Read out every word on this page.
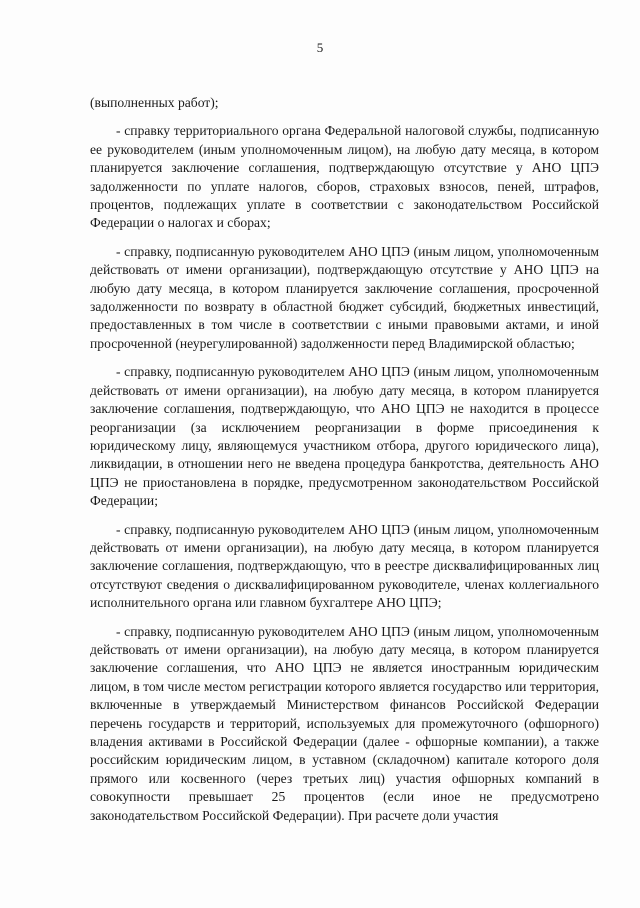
5

(выполненных работ);

- справку территориального органа Федеральной налоговой службы, подписанную ее руководителем (иным уполномоченным лицом), на любую дату месяца, в котором планируется заключение соглашения, подтверждающую отсутствие у АНО ЦПЭ задолженности по уплате налогов, сборов, страховых взносов, пеней, штрафов, процентов, подлежащих уплате в соответствии с законодательством Российской Федерации о налогах и сборах;

- справку, подписанную руководителем АНО ЦПЭ (иным лицом, уполномоченным действовать от имени организации), подтверждающую отсутствие у АНО ЦПЭ на любую дату месяца, в котором планируется заключение соглашения, просроченной задолженности по возврату в областной бюджет субсидий, бюджетных инвестиций, предоставленных в том числе в соответствии с иными правовыми актами, и иной просроченной (неурегулированной) задолженности перед Владимирской областью;

- справку, подписанную руководителем АНО ЦПЭ (иным лицом, уполномоченным действовать от имени организации), на любую дату месяца, в котором планируется заключение соглашения, подтверждающую, что АНО ЦПЭ не находится в процессе реорганизации (за исключением реорганизации в форме присоединения к юридическому лицу, являющемуся участником отбора, другого юридического лица), ликвидации, в отношении него не введена процедура банкротства, деятельность АНО ЦПЭ не приостановлена в порядке, предусмотренном законодательством Российской Федерации;

- справку, подписанную руководителем АНО ЦПЭ (иным лицом, уполномоченным действовать от имени организации), на любую дату месяца, в котором планируется заключение соглашения, подтверждающую, что в реестре дисквалифицированных лиц отсутствуют сведения о дисквалифицированном руководителе, членах коллегиального исполнительного органа или главном бухгалтере АНО ЦПЭ;

- справку, подписанную руководителем АНО ЦПЭ (иным лицом, уполномоченным действовать от имени организации), на любую дату месяца, в котором планируется заключение соглашения, что АНО ЦПЭ не является иностранным юридическим лицом, в том числе местом регистрации которого является государство или территория, включенные в утверждаемый Министерством финансов Российской Федерации перечень государств и территорий, используемых для промежуточного (офшорного) владения активами в Российской Федерации (далее - офшорные компании), а также российским юридическим лицом, в уставном (складочном) капитале которого доля прямого или косвенного (через третьих лиц) участия офшорных компаний в совокупности превышает 25 процентов (если иное не предусмотрено законодательством Российской Федерации). При расчете доли участия
